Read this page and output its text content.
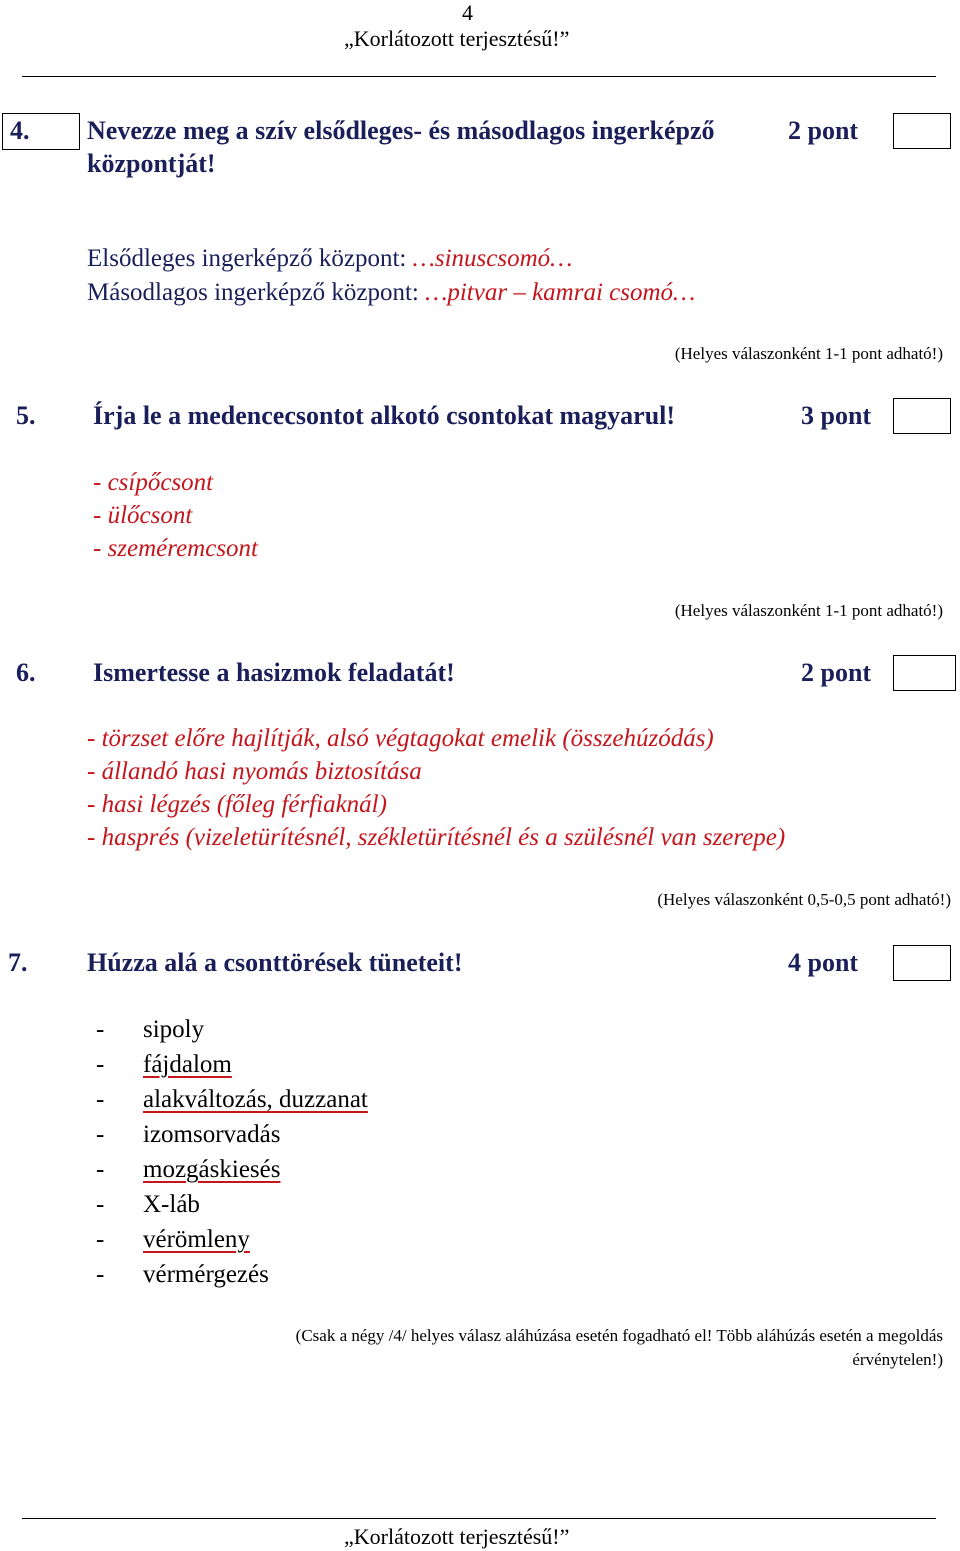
4
„Korlátozott terjesztésű!”
4. Nevezze meg a szív elsődleges- és másodlagos ingerképző
központját!
2 pont
Elsődleges ingerképző központ: …sinuscsomó…
Másodlagos ingerképző központ: …pitvar – kamrai csomó…
(Helyes válaszonként 1-1 pont adható!)
5. Írja le a medencecsontot alkotó csontokat magyarul!	3 pont
- csípőcsont
- ülőcsont
- szeméremcsont
(Helyes válaszonként 1-1 pont adható!)
6. Ismertesse a hasizmok feladatát!	2 pont
- törzset előre hajlítják, alsó végtagokat emelik (összehúzódás)
- állandó hasi nyomás biztosítása
- hasi légzés (főleg férfiaknál)
- hasprés (vizeletürítésnél, székletürítésnél és a szülésnél van szerepe)
(Helyes válaszonként 0,5-0,5 pont adható!)
7. Húzza alá a csonttörések tüneteit!	4 pont
- sipoly
- fájdalom
- alakváltozás, duzzanat
- izomsorvadás
- mozgáskiesés
- X-láb
- vérömleny
- vérmérgezés
(Csak a négy /4/ helyes válasz aláhúzása esetén fogadható el! Több aláhúzás esetén a megoldás
érvénytelen!)
„Korlátozott terjesztésű!”
